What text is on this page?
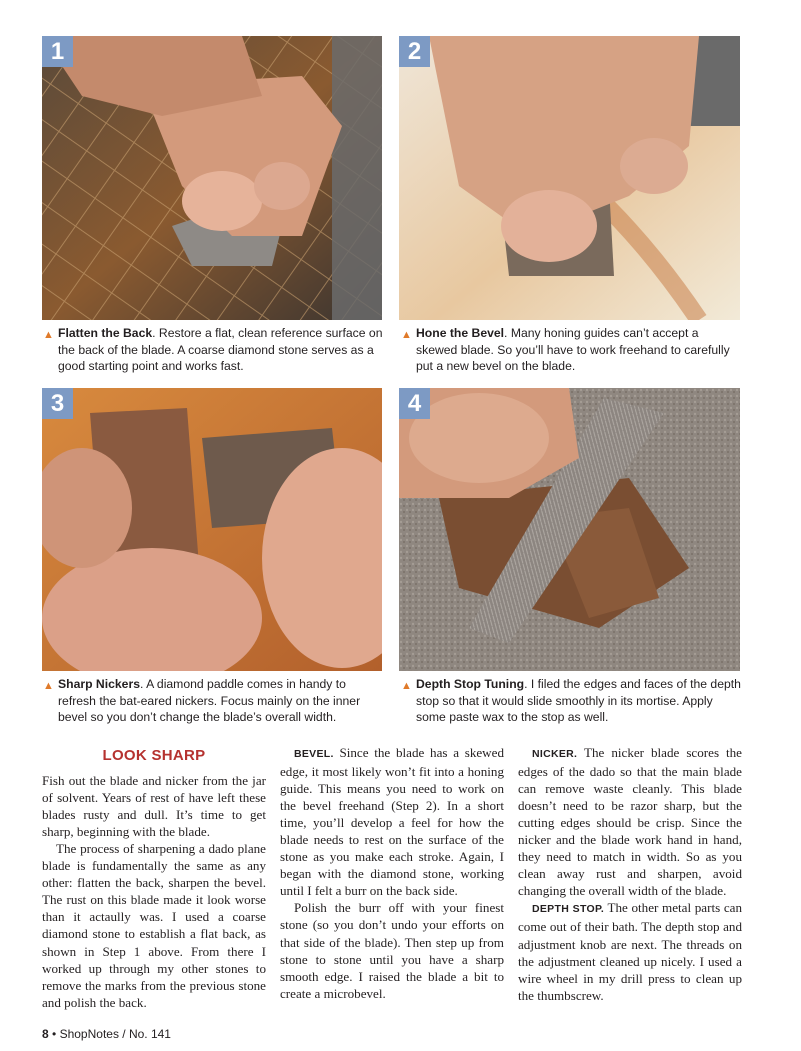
1	2
▲ Flatten the Back. Restore a flat, clean reference surface on the back of the blade. A coarse diamond stone serves as a good starting point and works fast.
▲ Hone the Bevel. Many honing guides can’t accept a skewed blade. So you’ll have to work freehand to carefully put a new bevel on the blade.
3	4
▲ Sharp Nickers. A diamond paddle comes in handy to refresh the bat-eared nickers. Focus mainly on the inner bevel so you don’t change the blade’s overall width.
▲ Depth Stop Tuning. I filed the edges and faces of the depth stop so that it would slide smoothly in its mortise. Apply some paste wax to the stop as well.
LOOK SHARP

Fish out the blade and nicker from the jar of solvent. Years of rest of have left these blades rusty and dull. It’s time to get sharp, beginning with the blade.

The process of sharpening a dado plane blade is fundamentally the same as any other: flatten the back, sharpen the bevel. The rust on this blade made it look worse than it actaully was. I used a coarse diamond stone to establish a flat back, as shown in Step 1 above. From there I worked up through my other stones to remove the marks from the previous stone and polish the back.

BEVEL. Since the blade has a skewed edge, it most likely won’t fit into a honing guide. This means you need to work on the bevel freehand (Step 2). In a short time, you’ll develop a feel for how the blade needs to rest on the surface of the stone as you make each stroke. Again, I began with the diamond stone, working until I felt a burr on the back side.

Polish the burr off with your finest stone (so you don’t undo your efforts on that side of the blade). Then step up from stone to stone until you have a sharp smooth edge. I raised the blade a bit to create a microbevel.

NICKER. The nicker blade scores the edges of the dado so that the main blade can remove waste cleanly. This blade doesn’t need to be razor sharp, but the cutting edges should be crisp. Since the nicker and the blade work hand in hand, they need to match in width. So as you clean away rust and sharpen, avoid changing the overall width of the blade.

DEPTH STOP. The other metal parts can come out of their bath. The depth stop and adjustment knob are next. The threads on the adjustment cleaned up nicely. I used a wire wheel in my drill press to clean up the thumbscrew.

8 • ShopNotes / No. 141
